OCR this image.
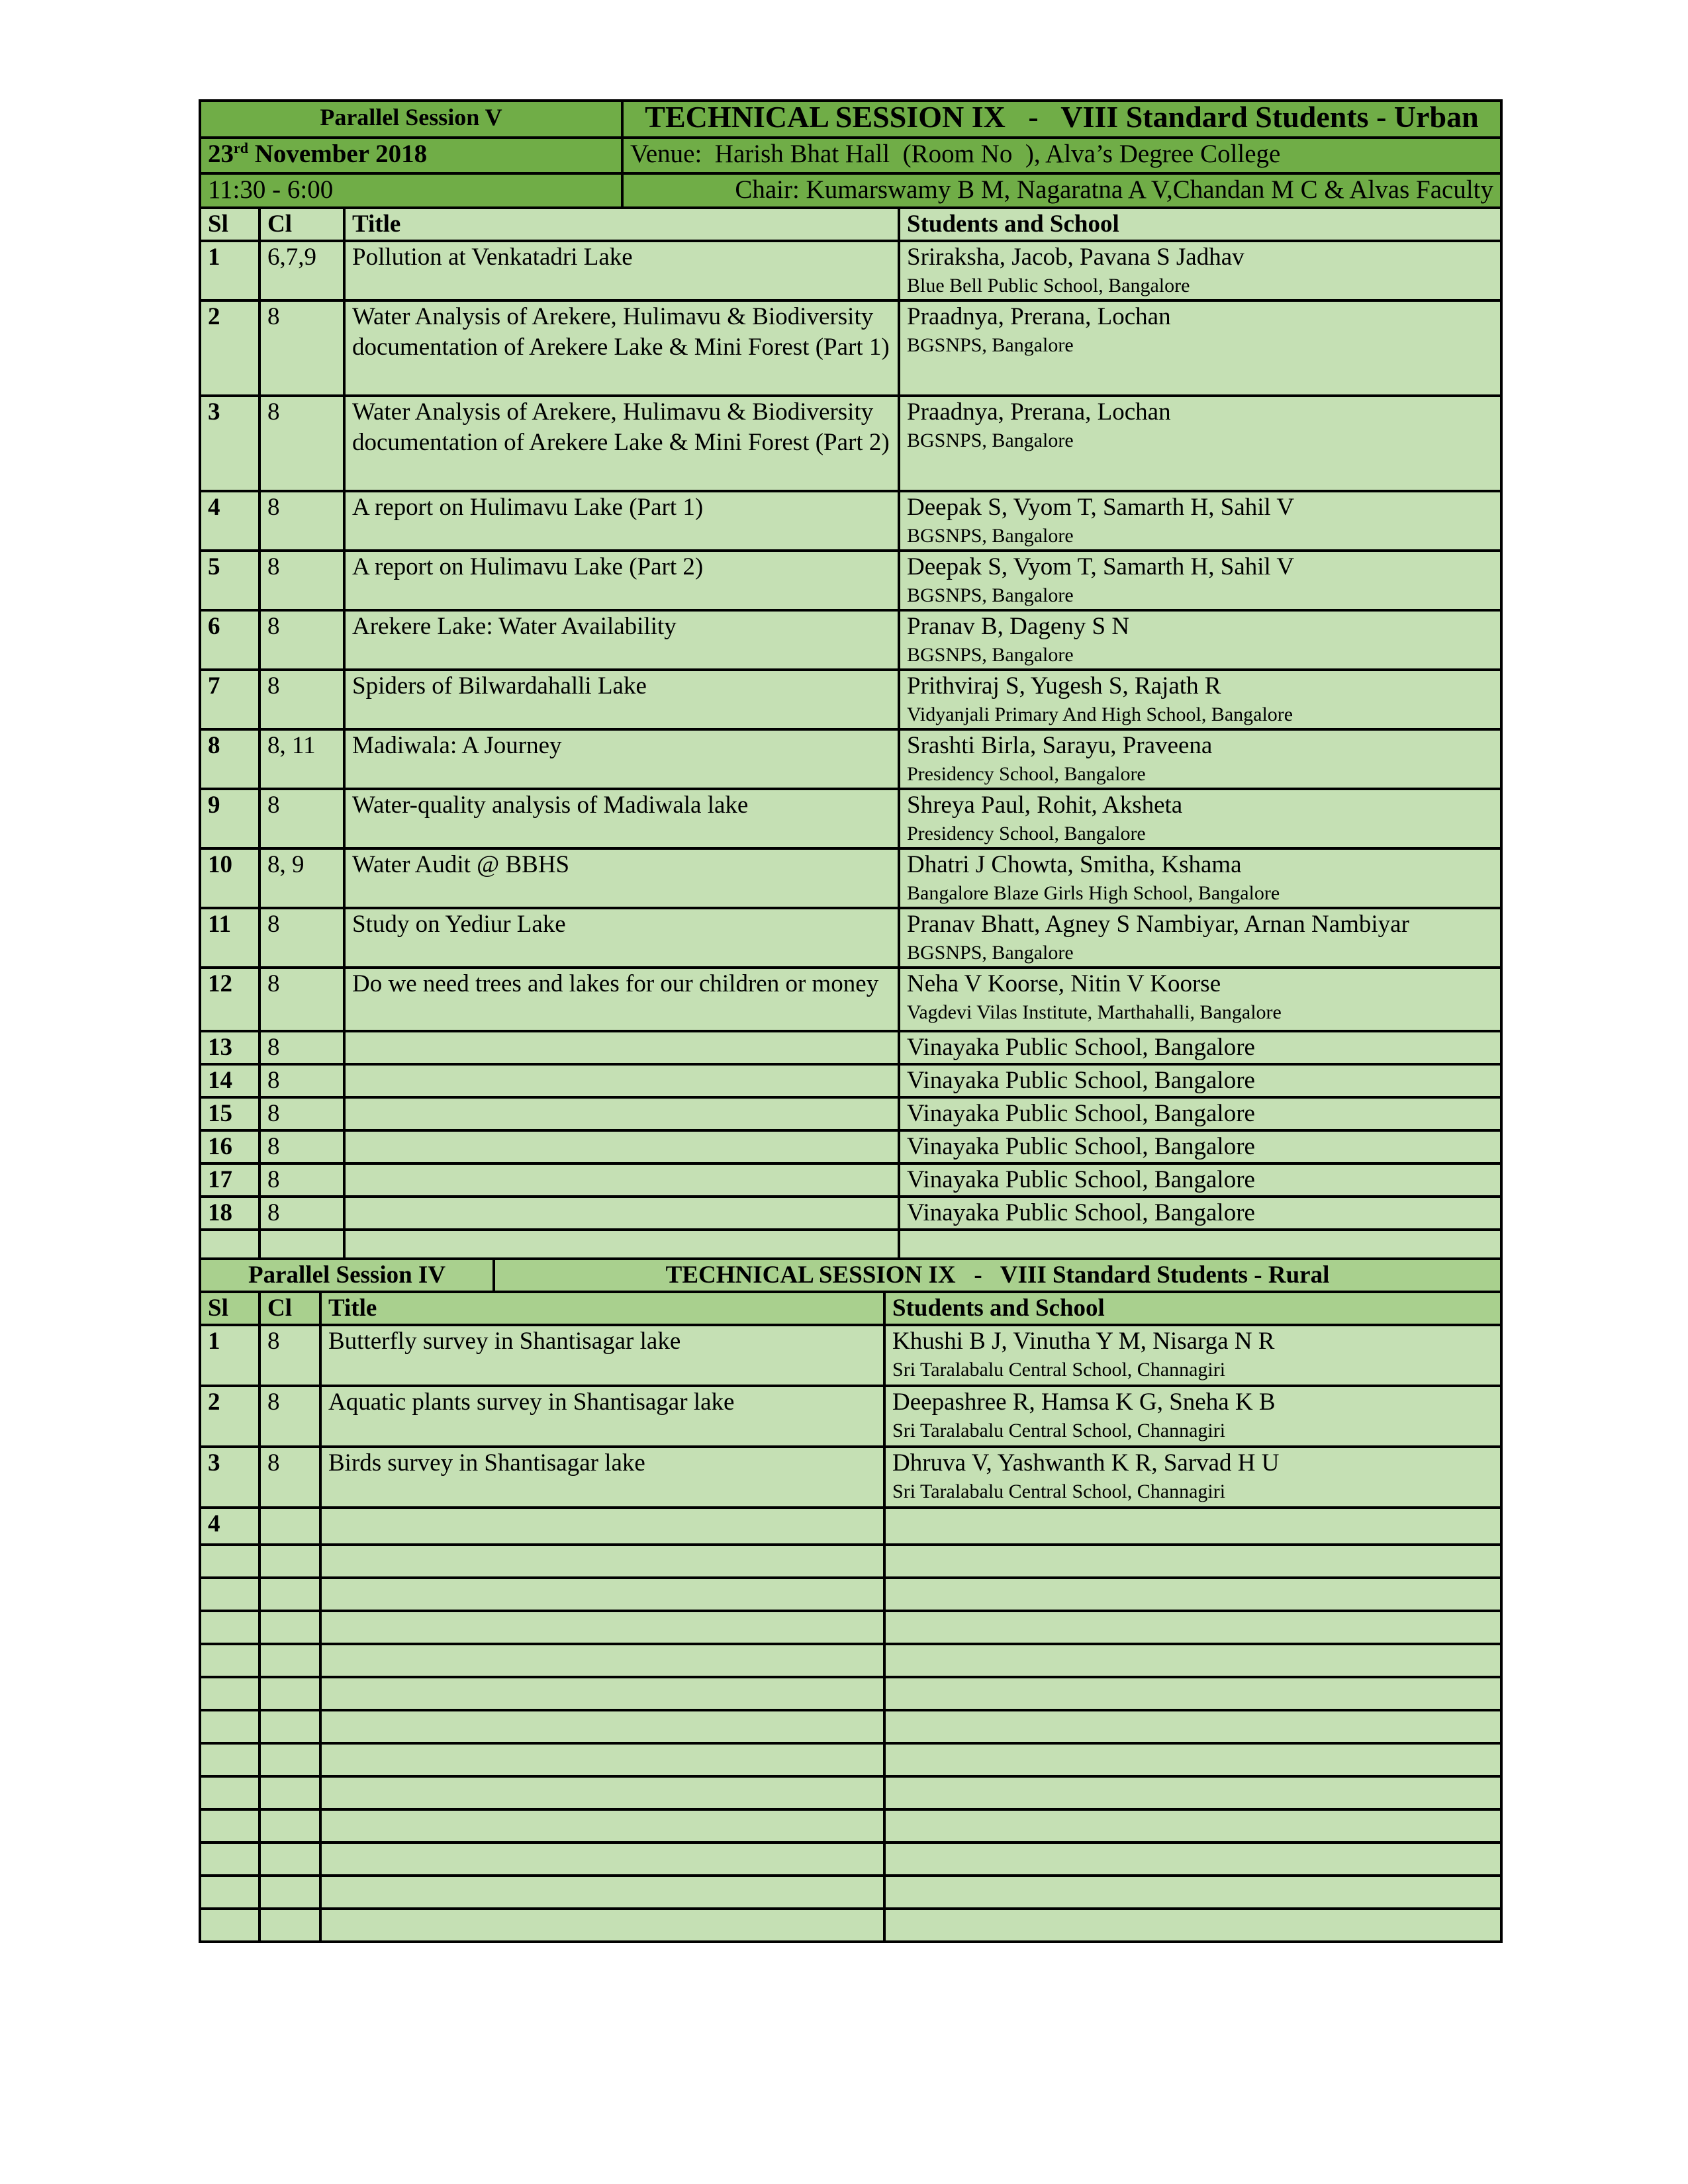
Parallel Session V			TECHNICAL SESSION IX   -   VIII Standard Students - Urban	
23rd November 2018			Venue:  Harish Bhat Hall  (Room No  ), Alva’s Degree College	
11:30 - 6:00			Chair: Kumarswamy B M, Nagaratna A V,Chandan M C & Alvas Faculty	
Sl	Cl	Title		Students and School
1	6,7,9	Pollution at Venkatadri Lake		Sriraksha, Jacob, Pavana S Jadhav
Blue Bell Public School, Bangalore

2	8	Water Analysis of Arekere, Hulimavu & Biodiversity documentation of Arekere Lake & Mini Forest (Part 1)		Praadnya, Prerana, Lochan
BGSNPS, Bangalore

3	8	Water Analysis of Arekere, Hulimavu & Biodiversity documentation of Arekere Lake & Mini Forest (Part 2)		Praadnya, Prerana, Lochan
BGSNPS, Bangalore

4	8	A report on Hulimavu Lake (Part 1)		Deepak S, Vyom T, Samarth H, Sahil V
BGSNPS, Bangalore

5	8	A report on Hulimavu Lake (Part 2)		Deepak S, Vyom T, Samarth H, Sahil V
BGSNPS, Bangalore

6	8	Arekere Lake: Water Availability		Pranav B, Dageny S N
BGSNPS, Bangalore

7	8	Spiders of Bilwardahalli Lake		Prithviraj S, Yugesh S, Rajath R
Vidyanjali Primary And High School, Bangalore

8	8, 11	Madiwala: A Journey		Srashti Birla, Sarayu, Praveena
Presidency School, Bangalore

9	8	Water-quality analysis of Madiwala lake		Shreya Paul, Rohit, Aksheta
Presidency School, Bangalore

10	8, 9	Water Audit @ BBHS		Dhatri J Chowta, Smitha, Kshama
Bangalore Blaze Girls High School, Bangalore

11	8	Study on Yediur Lake		Pranav Bhatt, Agney S Nambiyar, Arnan Nambiyar
BGSNPS, Bangalore

12	8	Do we need trees and lakes for our children or money		Neha V Koorse, Nitin V Koorse
Vagdevi Vilas Institute, Marthahalli, Bangalore

13	8			Vinayaka Public School, Bangalore
14	8			Vinayaka Public School, Bangalore
15	8			Vinayaka Public School, Bangalore
16	8			Vinayaka Public School, Bangalore
17	8			Vinayaka Public School, Bangalore
18	8			Vinayaka Public School, Bangalore

Parallel Session IV			TECHNICAL SESSION IX   -   VIII Standard Students - Rural	
Sl	Cl	Title		Students and School
1	8	Butterfly survey in Shantisagar lake		Khushi B J, Vinutha Y M, Nisarga N R
Sri Taralabalu Central School, Channagiri

2	8	Aquatic plants survey in Shantisagar lake		Deepashree R, Hamsa K G, Sneha K B
Sri Taralabalu Central School, Channagiri

3	8	Birds survey in Shantisagar lake		Dhruva V, Yashwanth K R, Sarvad H U
Sri Taralabalu Central School, Channagiri

4				
